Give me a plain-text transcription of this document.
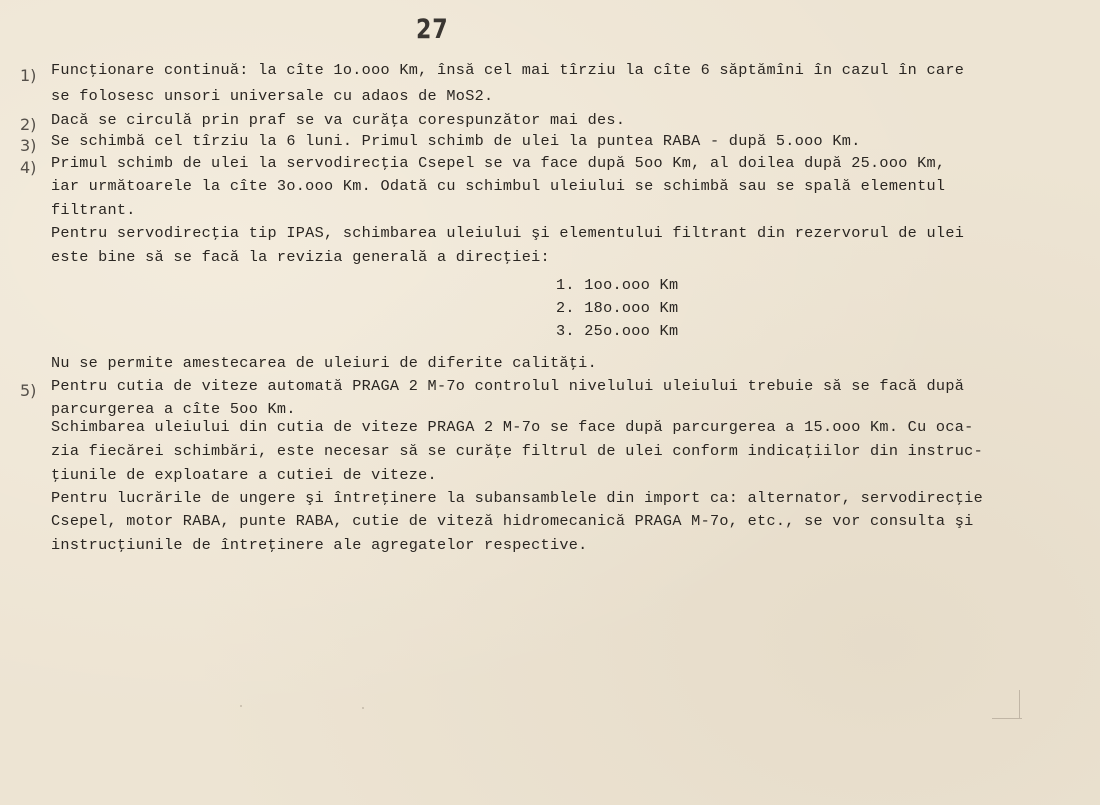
27
1) Funcţionare continuă: la cîte 1o.ooo Km, însă cel mai tîrziu la cîte 6 săptămîni în cazul în care
se folosesc unsori universale cu adaos de MoS2.
2) Dacă se circulă prin praf se va curăţa corespunzător mai des.
3) Se schimbă cel tîrziu la 6 luni. Primul schimb de ulei la puntea RABA - după 5.ooo Km.
4) Primul schimb de ulei la servodirecţia Csepel se va face după 5oo Km, al doilea după 25.ooo Km,
iar următoarele la cîte 3o.ooo Km. Odată cu schimbul uleiului se schimbă sau se spală elementul
filtrant.
Pentru servodirecţia tip IPAS, schimbarea uleiului şi elementului filtrant din rezervorul de ulei
este bine să se facă la revizia generală a direcţiei:
1. 1oo.ooo Km
2. 18o.ooo Km
3. 25o.ooo Km
Nu se permite amestecarea de uleiuri de diferite calităţi.
5) Pentru cutia de viteze automată PRAGA 2 M-7o controlul nivelului uleiului trebuie să se facă după
parcurgerea a cîte 5oo Km.
Schimbarea uleiului din cutia de viteze PRAGA 2 M-7o se face după parcurgerea a 15.ooo Km. Cu oca-
zia fiecărei schimbări, este necesar să se curăţe filtrul de ulei conform indicaţiilor din instruc-
ţiunile de exploatare a cutiei de viteze.
Pentru lucrările de ungere şi întreţinere la subansamblele din import ca: alternator, servodirecţie
Csepel, motor RABA, punte RABA, cutie de viteză hidromecanică PRAGA M-7o, etc., se vor consulta şi
instrucţiunile de întreţinere ale agregatelor respective.
